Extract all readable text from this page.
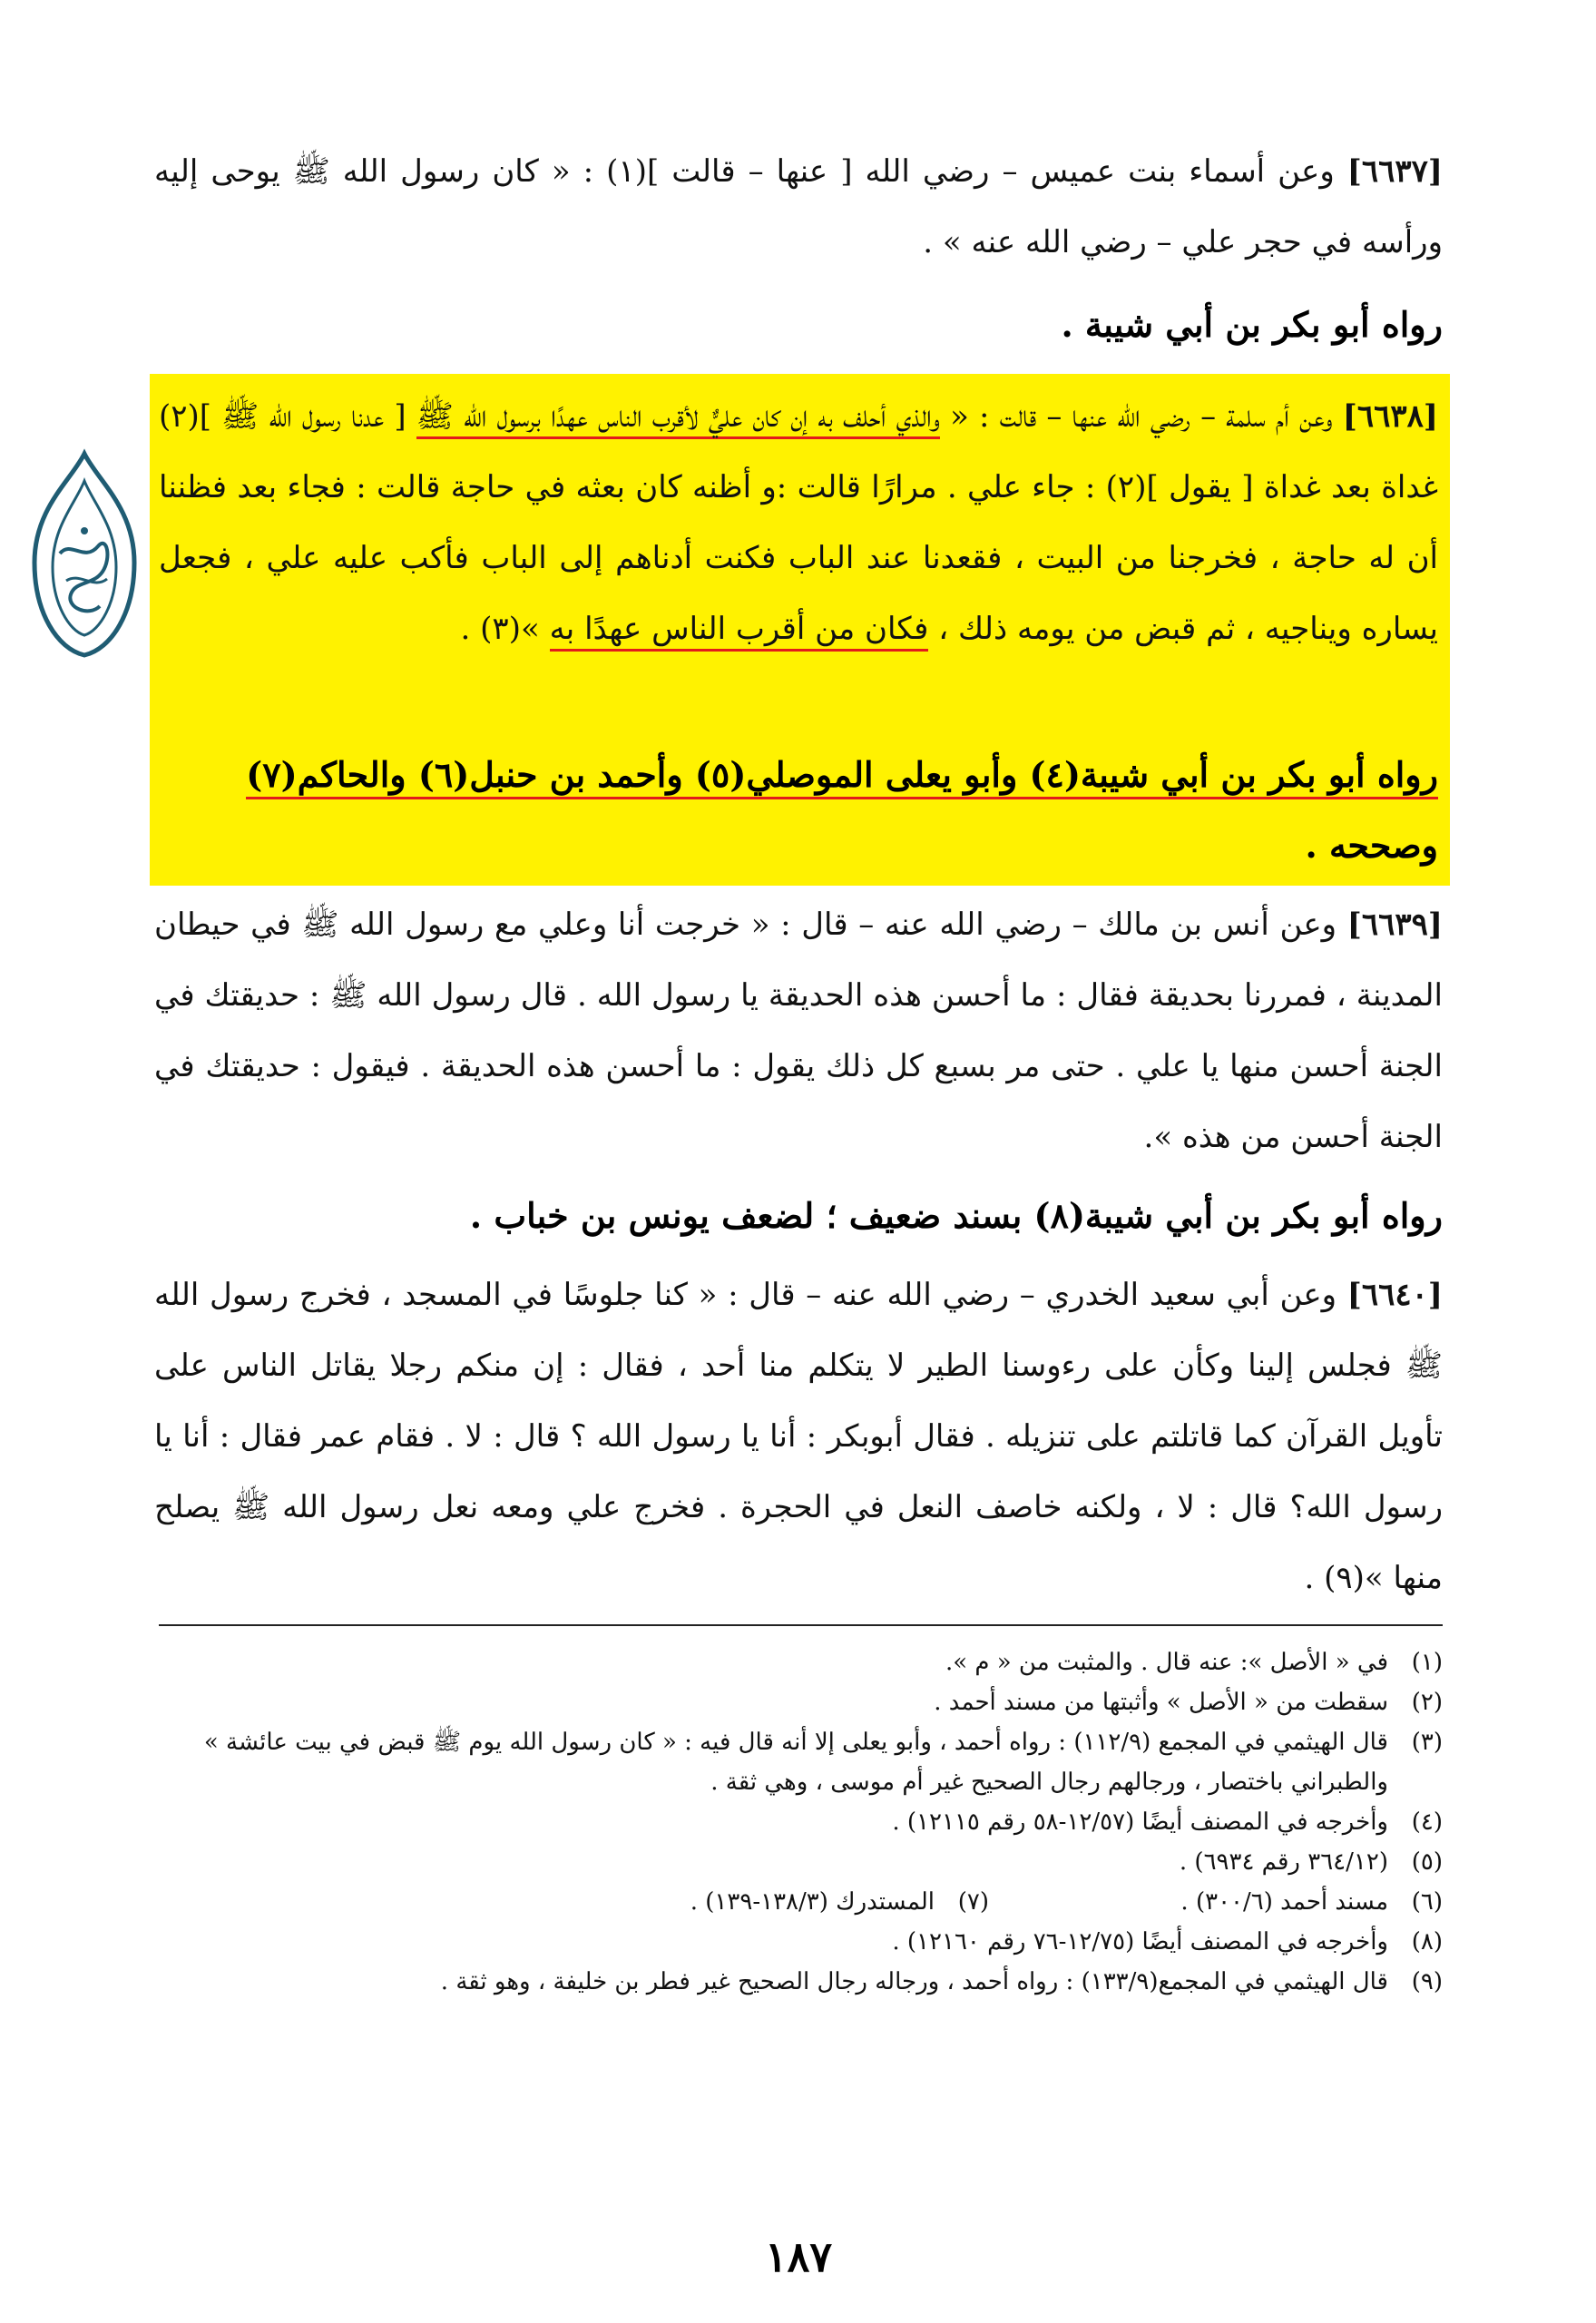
[٦٦٣٧] وعن أسماء بنت عميس – رضي الله [ عنها – قالت ](١) : « كان رسول الله ﷺ يوحى إليه ورأسه في حجر علي – رضي الله عنه » .
رواه أبو بكر بن أبي شيبة .
[٦٦٣٨] وعن أم سلمة – رضي الله عنها – قالت : « والذي أحلف به إن كان عليٌّ لأقرب الناس عهدًا برسول الله ﷺ [ عدنا رسول الله ﷺ ](٢) غداة بعد غداة [ يقول ](٢) : جاء علي . مرارًا قالت :و أظنه كان بعثه في حاجة قالت : فجاء بعد فظننا أن له حاجة ، فخرجنا من البيت ، فقعدنا عند الباب فكنت أدناهم إلى الباب فأكب عليه علي ، فجعل يساره ويناجيه ، ثم قبض من يومه ذلك ، فكان من أقرب الناس عهدًا به »(٣) .
رواه أبو بكر بن أبي شيبة(٤) وأبو يعلى الموصلي(٥) وأحمد بن حنبل(٦) والحاكم(٧) وصححه .
[٦٦٣٩] وعن أنس بن مالك – رضي الله عنه – قال : « خرجت أنا وعلي مع رسول الله ﷺ في حيطان المدينة ، فمررنا بحديقة فقال : ما أحسن هذه الحديقة يا رسول الله . قال رسول الله ﷺ : حديقتك في الجنة أحسن منها يا علي . حتى مر بسبع كل ذلك يقول : ما أحسن هذه الحديقة . فيقول : حديقتك في الجنة أحسن من هذه ».
رواه أبو بكر بن أبي شيبة(٨) بسند ضعيف ؛ لضعف يونس بن خباب .
[٦٦٤٠] وعن أبي سعيد الخدري – رضي الله عنه – قال : « كنا جلوسًا في المسجد ، فخرج رسول الله ﷺ فجلس إلينا وكأن على رءوسنا الطير لا يتكلم منا أحد ، فقال : إن منكم رجلا يقاتل الناس على تأويل القرآن كما قاتلتم على تنزيله . فقال أبوبكر : أنا يا رسول الله ؟ قال : لا . فقام عمر فقال : أنا يا رسول الله؟ قال : لا ، ولكنه خاصف النعل في الحجرة . فخرج علي ومعه نعل رسول الله ﷺ يصلح منها »(٩) .
(١)
في « الأصل »: عنه قال . والمثبت من « م ».
(٢)
سقطت من « الأصل » وأثبتها من مسند أحمد .
(٣)
قال الهيثمي في المجمع (١١٢/٩) : رواه أحمد ، وأبو يعلى إلا أنه قال فيه : « كان رسول الله يوم ﷺ قبض في بيت عائشة » والطبراني باختصار ، ورجالهم رجال الصحيح غير أم موسى ، وهي ثقة .
(٤)
وأخرجه في المصنف أيضًا (١٢/٥٧-٥٨ رقم ١٢١١٥) .
(٥)
(٣٦٤/١٢ رقم ٦٩٣٤) .
(٦)
مسند أحمد (٣٠٠/٦) .
(٧)
المستدرك (١٣٨/٣-١٣٩) .
(٨)
وأخرجه في المصنف أيضًا (١٢/٧٥-٧٦ رقم ١٢١٦٠) .
(٩)
قال الهيثمي في المجمع(١٣٣/٩) : رواه أحمد ، ورجاله رجال الصحيح غير فطر بن خليفة ، وهو ثقة .
١٨٧
